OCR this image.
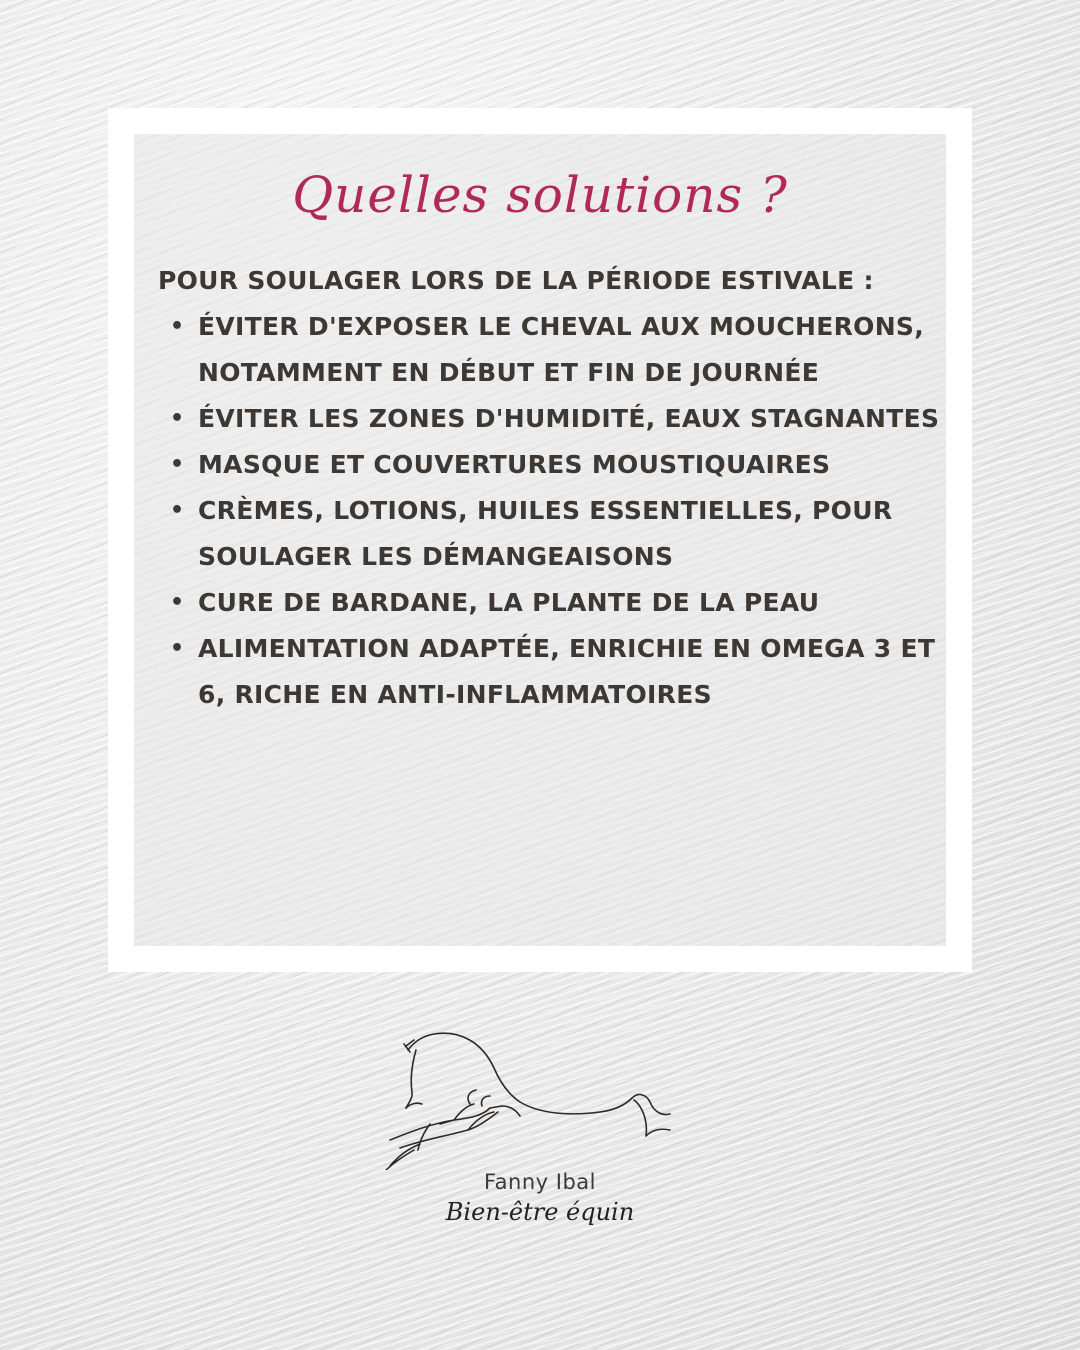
Quelles solutions ?

POUR SOULAGER LORS DE LA PÉRIODE ESTIVALE :

• ÉVITER D'EXPOSER LE CHEVAL AUX MOUCHERONS, NOTAMMENT EN DÉBUT ET FIN DE JOURNÉE
• ÉVITER LES ZONES D'HUMIDITÉ, EAUX STAGNANTES
• MASQUE ET COUVERTURES MOUSTIQUAIRES
• CRÈMES, LOTIONS, HUILES ESSENTIELLES, POUR SOULAGER LES DÉMANGEAISONS
• CURE DE BARDANE, LA PLANTE DE LA PEAU
• ALIMENTATION ADAPTÉE, ENRICHIE EN OMEGA 3 ET 6, RICHE EN ANTI-INFLAMMATOIRES
Fanny Ibal
Bien-être équin
